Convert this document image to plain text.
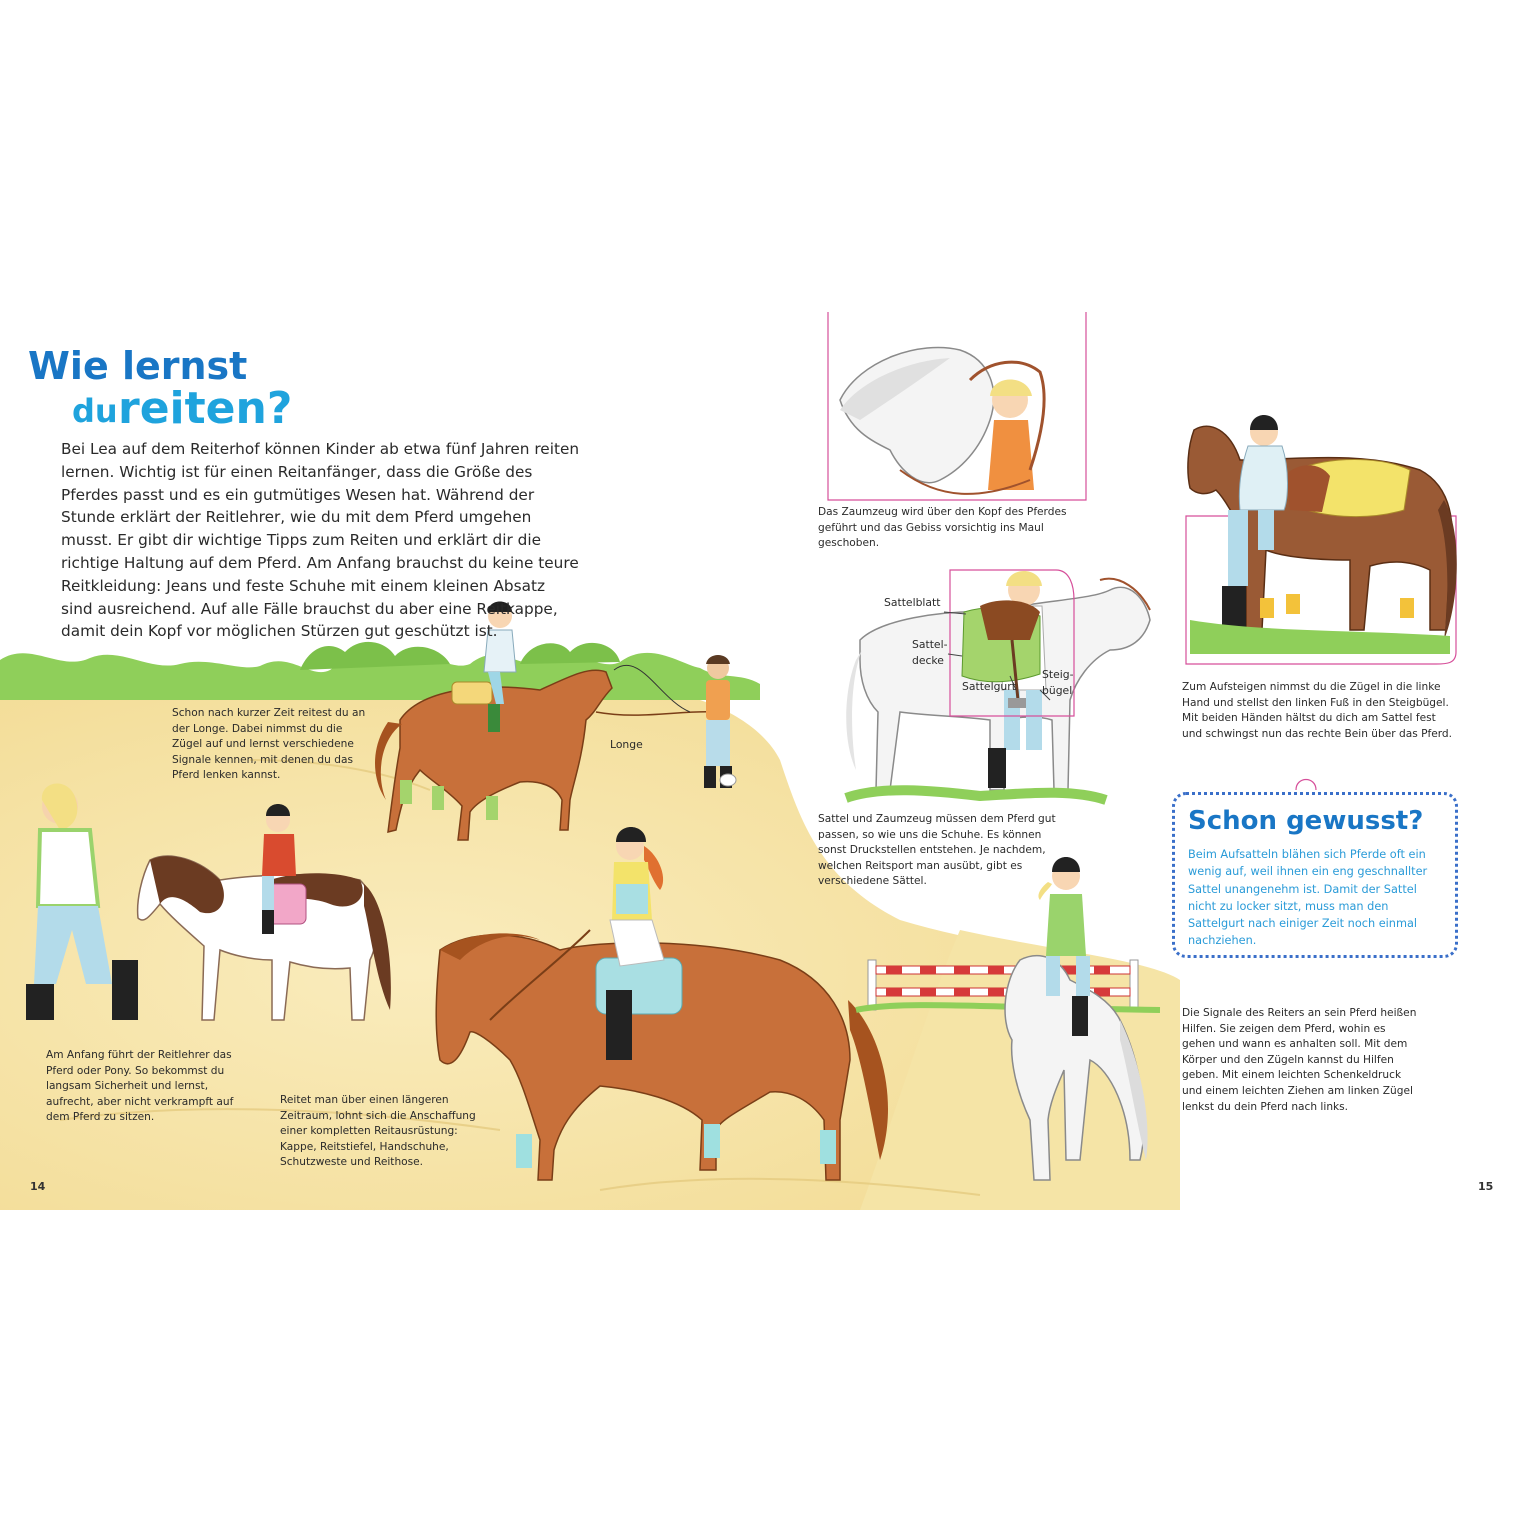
Wie lernst
du reiten?
Bei Lea auf dem Reiterhof können Kinder ab etwa fünf Jahren reiten lernen. Wichtig ist für einen Reitanfänger, dass die Größe des Pferdes passt und es ein gutmütiges Wesen hat. Während der Stunde erklärt der Reitlehrer, wie du mit dem Pferd umgehen musst. Er gibt dir wichtige Tipps zum Reiten und erklärt dir die richtige Haltung auf dem Pferd. Am Anfang brauchst du keine teure Reitkleidung: Jeans und feste Schuhe mit einem kleinen Absatz sind ausreichend. Auf alle Fälle brauchst du aber eine Reitkappe, damit dein Kopf vor möglichen Stürzen gut geschützt ist.
Schon nach kurzer Zeit reitest du an der Longe. Dabei nimmst du die Zügel auf und lernst verschiedene Signale kennen, mit denen du das Pferd lenken kannst.
Am Anfang führt der Reitlehrer das Pferd oder Pony. So bekommst du langsam Sicherheit und lernst, aufrecht, aber nicht verkrampft auf dem Pferd zu sitzen.
Reitet man über einen längeren Zeitraum, lohnt sich die Anschaffung einer kompletten Reitausrüstung: Kappe, Reitstiefel, Handschuhe, Schutzweste und Reithose.
Das Zaumzeug wird über den Kopf des Pferdes geführt und das Gebiss vorsichtig ins Maul geschoben.
Sattel und Zaumzeug müssen dem Pferd gut passen, so wie uns die Schuhe. Es können sonst Druckstellen entstehen. Je nachdem, welchen Reitsport man ausübt, gibt es verschiedene Sättel.
Zum Aufsteigen nimmst du die Zügel in die linke Hand und stellst den linken Fuß in den Steigbügel. Mit beiden Händen hältst du dich am Sattel fest und schwingst nun das rechte Bein über das Pferd.
Die Signale des Reiters an sein Pferd heißen Hilfen. Sie zeigen dem Pferd, wohin es gehen und wann es anhalten soll. Mit dem Körper und den Zügeln kannst du Hilfen geben. Mit einem leichten Schenkeldruck und einem leichten Ziehen am linken Zügel lenkst du dein Pferd nach links.
Longe
Sattelblatt
Sattel-
decke
Sattelgurt
Steig-
bügel
Schon gewusst?
Beim Aufsatteln blähen sich Pferde oft ein wenig auf, weil ihnen ein eng geschnallter Sattel unangenehm ist. Damit der Sattel nicht zu locker sitzt, muss man den Sattelgurt nach einiger Zeit noch einmal nachziehen.
14	15
